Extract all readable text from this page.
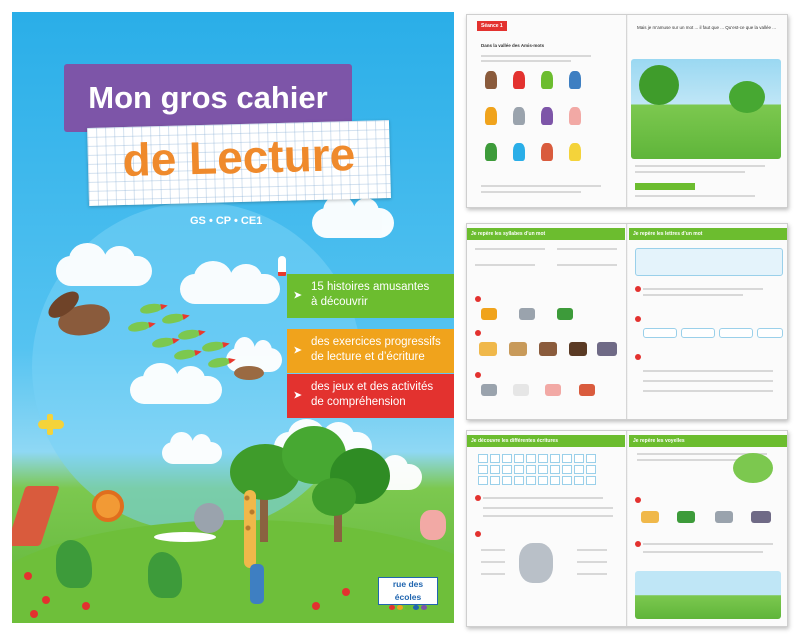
Mon gros cahier
de Lecture
GS • CP • CE1
➤
15 histoires amusantes
à découvrir
➤
des exercices progressifs
de lecture et d’écriture
➤
des jeux et des activités
de compréhension
rue des écoles
Séance 1
Dans la vallée des Amis-mots
Mais je m’amuse sur un mot ... il faut que ... Qu’est-ce que la vallée ...
Je repère les syllabes d’un mot	Je repère les lettres d’un mot
Je découvre les différentes écritures	Je repère les voyelles
